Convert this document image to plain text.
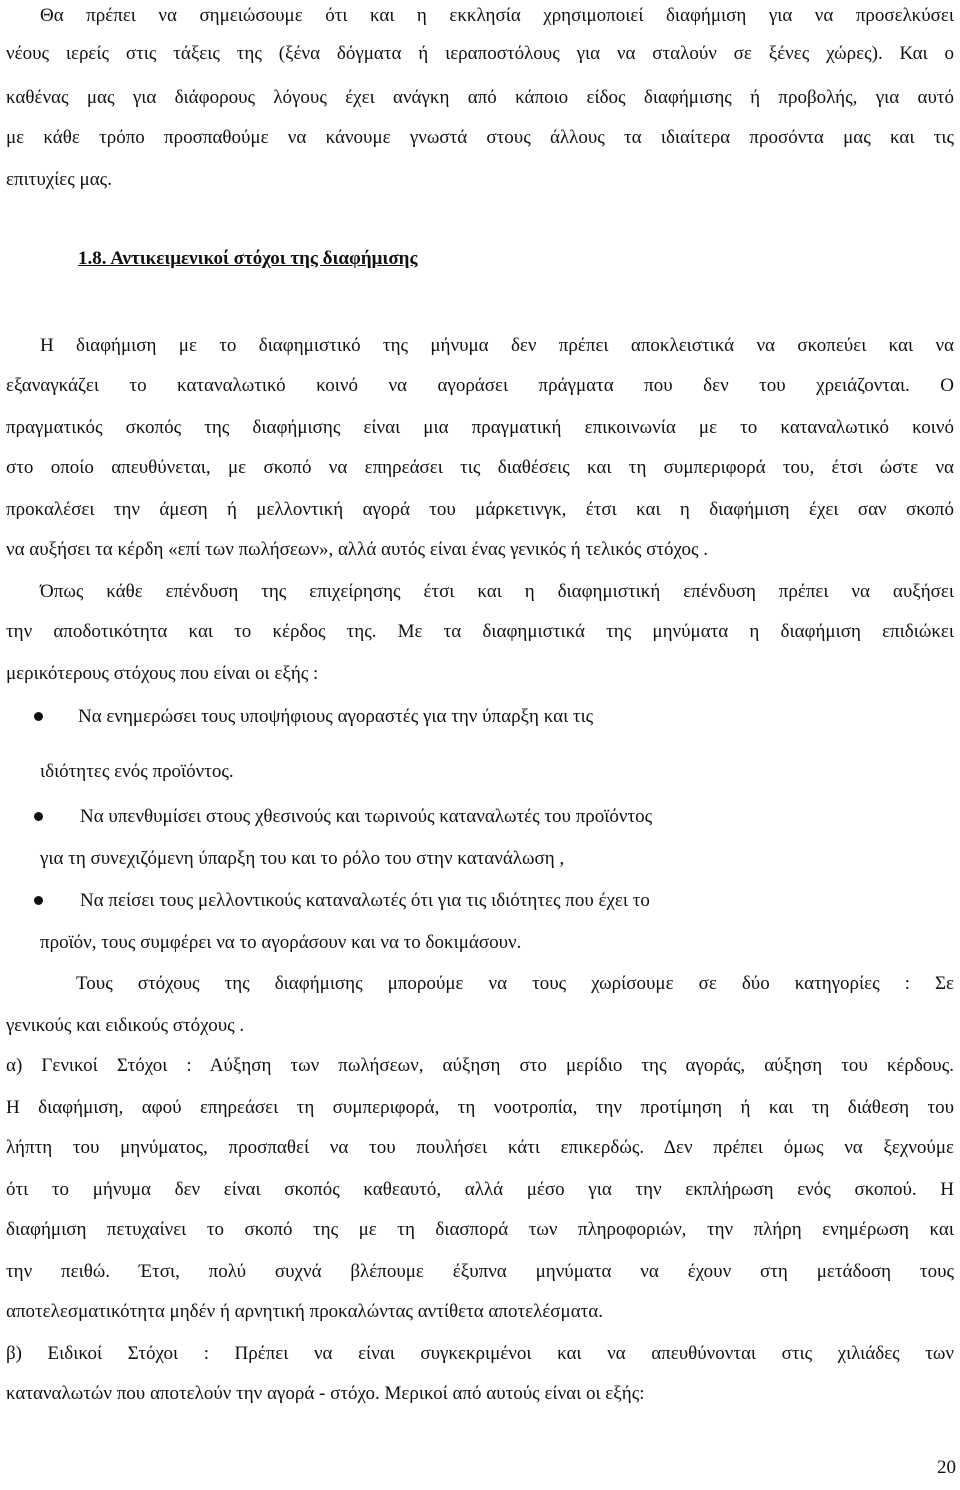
Θα πρέπει να σημειώσουμε ότι και η εκκλησία χρησιμοποιεί διαφήμιση για να προσελκύσει
νέους ιερείς στις τάξεις της (ξένα δόγματα ή ιεραποστόλους για να σταλούν σε ξένες χώρες). Και ο
καθένας μας για διάφορους λόγους έχει ανάγκη από κάποιο είδος διαφήμισης ή προβολής, για αυτό
με κάθε τρόπο προσπαθούμε να κάνουμε γνωστά στους άλλους τα ιδιαίτερα προσόντα μας και τις
επιτυχίες μας.
1.8. Αντικειμενικοί στόχοι της διαφήμισης
Η διαφήμιση με το διαφημιστικό της μήνυμα δεν πρέπει αποκλειστικά να σκοπεύει και να
εξαναγκάζει το καταναλωτικό κοινό να αγοράσει πράγματα που δεν του χρειάζονται. Ο
πραγματικός σκοπός της διαφήμισης είναι μια πραγματική επικοινωνία με το καταναλωτικό κοινό
στο οποίο απευθύνεται, με σκοπό να επηρεάσει τις διαθέσεις και τη συμπεριφορά του, έτσι ώστε να
προκαλέσει την άμεση ή μελλοντική αγορά του μάρκετινγκ, έτσι και η διαφήμιση έχει σαν σκοπό
να αυξήσει τα κέρδη «επί των πωλήσεων», αλλά αυτός είναι ένας γενικός ή τελικός στόχος .
Όπως κάθε επένδυση της επιχείρησης έτσι και η διαφημιστική επένδυση πρέπει να αυξήσει
την αποδοτικότητα και το κέρδος της. Με τα διαφημιστικά της μηνύματα η διαφήμιση επιδιώκει
μερικότερους στόχους που είναι οι εξής :
Να ενημερώσει τους υποψήφιους αγοραστές για την ύπαρξη και τις
ιδιότητες ενός προϊόντος.
Να υπενθυμίσει στους χθεσινούς και τωρινούς καταναλωτές του προϊόντος
για τη συνεχιζόμενη ύπαρξη του και το ρόλο του στην κατανάλωση ,
Να πείσει τους μελλοντικούς καταναλωτές ότι για τις ιδιότητες που έχει το
προϊόν, τους συμφέρει να το αγοράσουν και να το δοκιμάσουν.
Τους στόχους της διαφήμισης μπορούμε να τους χωρίσουμε σε δύο κατηγορίες : Σε
γενικούς και ειδικούς στόχους .
α) Γενικοί Στόχοι : Αύξηση των πωλήσεων, αύξηση στο μερίδιο της αγοράς, αύξηση του κέρδους.
Η διαφήμιση, αφού επηρεάσει τη συμπεριφορά, τη νοοτροπία, την προτίμηση ή και τη διάθεση του
λήπτη του μηνύματος, προσπαθεί να του πουλήσει κάτι επικερδώς. Δεν πρέπει όμως να ξεχνούμε
ότι το μήνυμα δεν είναι σκοπός καθεαυτό, αλλά μέσο για την εκπλήρωση ενός σκοπού. Η
διαφήμιση πετυχαίνει το σκοπό της με τη διασπορά των πληροφοριών, την πλήρη ενημέρωση και
την πειθώ. Έτσι, πολύ συχνά βλέπουμε έξυπνα μηνύματα να έχουν στη μετάδοση τους
αποτελεσματικότητα μηδέν ή αρνητική προκαλώντας αντίθετα αποτελέσματα.
β) Ειδικοί Στόχοι : Πρέπει να είναι συγκεκριμένοι και να απευθύνονται στις χιλιάδες των
καταναλωτών που αποτελούν την αγορά - στόχο. Μερικοί από αυτούς είναι οι εξής:
20
